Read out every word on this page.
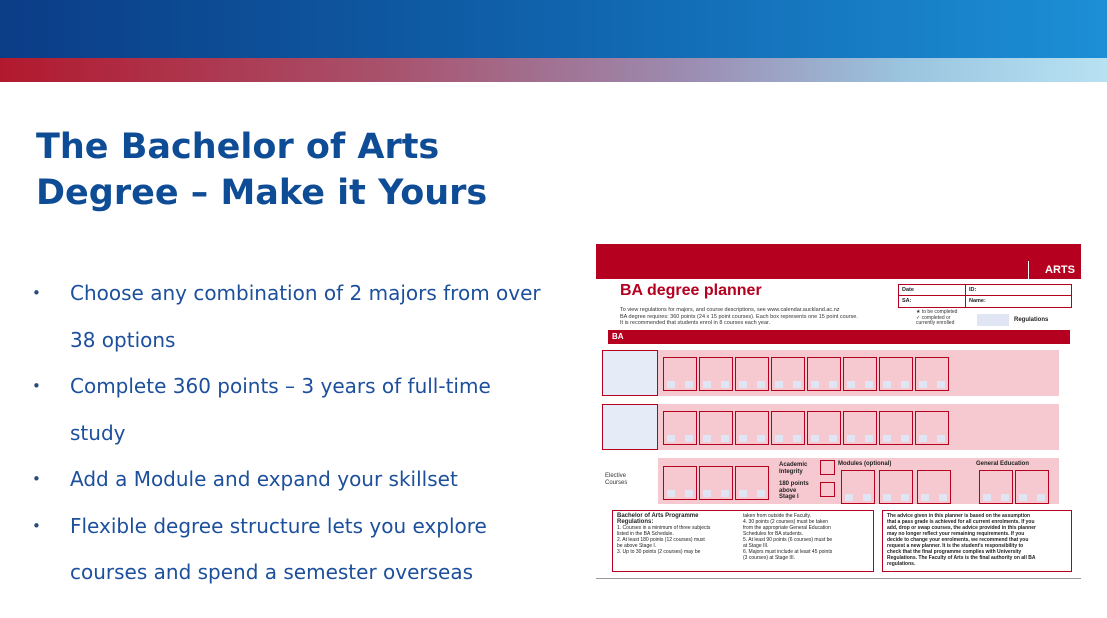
The Bachelor of Arts
Degree – Make it Yours
• Choose any combination of 2 majors from over
38 options
• Complete 360 points – 3 years of full-time
study
• Add a Module and expand your skillset
• Flexible degree structure lets you explore
courses and spend a semester overseas
ARTS
BA degree planner
To view regulations for majors, and course descriptions, see www.calendar.auckland.ac.nz
BA degree requires: 360 points (24 x 15 point courses). Each box represents one 15 point course.
It is recommended that students enrol in 8 courses each year.
Date	ID:
SA:	Name:
★ to be completed
✓ completed or
currently enrolled	Regulations
BA
Elective
Courses
Academic
Integrity
180 points
above
Stage I
Modules (optional)	General Education
Bachelor of Arts Programme
Regulations:
1. Courses in a minimum of three subjects
listed in the BA Schedule.
2. At least 180 points (12 courses) must
be above Stage I.
3. Up to 30 points (2 courses) may be
taken from outside the Faculty.
4. 30 points (2 courses) must be taken
from the appropriate General Education
Schedules for BA students.
5. At least 90 points (6 courses) must be
at Stage III.
6. Majors must include at least 45 points
(3 courses) at Stage III.
The advice given in this planner is based on the assumption
that a pass grade is achieved for all current enrolments. If you
add, drop or swap courses, the advice provided in this planner
may no longer reflect your remaining requirements. If you
decide to change your enrolments, we recommend that you
request a new planner. It is the student's responsibility to
check that the final programme complies with University
Regulations. The Faculty of Arts is the final authority on all BA
regulations.
